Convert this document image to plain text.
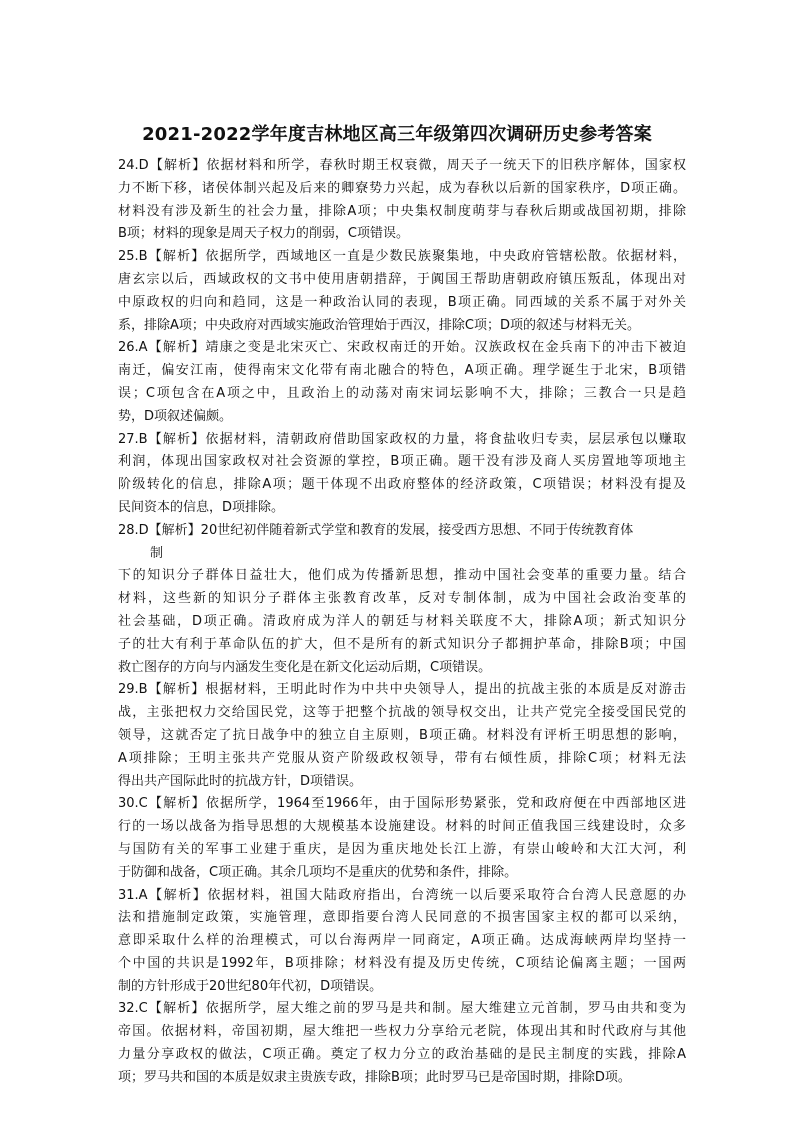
2021-2022学年度吉林地区高三年级第四次调研历史参考答案
24.D【解析】依据材料和所学，春秋时期王权衰微，周天子一统天下的旧秩序解体，国家权
力不断下移，诸侯体制兴起及后来的卿寮势力兴起，成为春秋以后新的国家秩序，D项正确。
材料没有涉及新生的社会力量，排除A项；中央集权制度萌芽与春秋后期或战国初期，排除
B项；材料的现象是周天子权力的削弱，C项错误。
25.B【解析】依据所学，西域地区一直是少数民族聚集地，中央政府管辖松散。依据材料，
唐玄宗以后，西域政权的文书中使用唐朝措辞，于阗国王帮助唐朝政府镇压叛乱，体现出对
中原政权的归向和趋同，这是一种政治认同的表现，B项正确。同西域的关系不属于对外关
系，排除A项；中央政府对西域实施政治管理始于西汉，排除C项；D项的叙述与材料无关。
26.A【解析】靖康之变是北宋灭亡、宋政权南迁的开始。汉族政权在金兵南下的冲击下被迫
南迁，偏安江南，使得南宋文化带有南北融合的特色，A项正确。理学诞生于北宋，B项错
误；C项包含在A项之中，且政治上的动荡对南宋词坛影响不大，排除；三教合一只是趋
势，D项叙述偏颇。
27.B【解析】依据材料，清朝政府借助国家政权的力量，将食盐收归专卖，层层承包以赚取
利润，体现出国家政权对社会资源的掌控，B项正确。题干没有涉及商人买房置地等项地主
阶级转化的信息，排除A项；题干体现不出政府整体的经济政策，C项错误；材料没有提及
民间资本的信息，D项排除。
28.D【解析】20世纪初伴随着新式学堂和教育的发展，接受西方思想、不同于传统教育体
制
下的知识分子群体日益壮大，他们成为传播新思想，推动中国社会变革的重要力量。结合
材料，这些新的知识分子群体主张教育改革，反对专制体制，成为中国社会政治变革的
社会基础，D项正确。清政府成为洋人的朝廷与材料关联度不大，排除A项；新式知识分
子的壮大有利于革命队伍的扩大，但不是所有的新式知识分子都拥护革命，排除B项；中国
救亡图存的方向与内涵发生变化是在新文化运动后期，C项错误。
29.B【解析】根据材料，王明此时作为中共中央领导人，提出的抗战主张的本质是反对游击
战，主张把权力交给国民党，这等于把整个抗战的领导权交出，让共产党完全接受国民党的
领导，这就否定了抗日战争中的独立自主原则，B项正确。材料没有评析王明思想的影响，
A项排除；王明主张共产党服从资产阶级政权领导，带有右倾性质，排除C项；材料无法
得出共产国际此时的抗战方针，D项错误。
30.C【解析】依据所学，1964至1966年，由于国际形势紧张，党和政府便在中西部地区进
行的一场以战备为指导思想的大规模基本设施建设。材料的时间正值我国三线建设时，众多
与国防有关的军事工业建于重庆，是因为重庆地处长江上游，有崇山峻岭和大江大河，利
于防御和战备，C项正确。其余几项均不是重庆的优势和条件，排除。
31.A【解析】依据材料，祖国大陆政府指出，台湾统一以后要采取符合台湾人民意愿的办
法和措施制定政策，实施管理，意即指要台湾人民同意的不损害国家主权的都可以采纳，
意即采取什么样的治理模式，可以台海两岸一同商定，A项正确。达成海峡两岸均坚持一
个中国的共识是1992年，B项排除；材料没有提及历史传统，C项结论偏离主题；一国两
制的方针形成于20世纪80年代初，D项错误。
32.C【解析】依据所学，屋大维之前的罗马是共和制。屋大维建立元首制，罗马由共和变为
帝国。依据材料，帝国初期，屋大维把一些权力分享给元老院，体现出其和时代政府与其他
力量分享政权的做法，C项正确。奠定了权力分立的政治基础的是民主制度的实践，排除A
项；罗马共和国的本质是奴隶主贵族专政，排除B项；此时罗马已是帝国时期，排除D项。
